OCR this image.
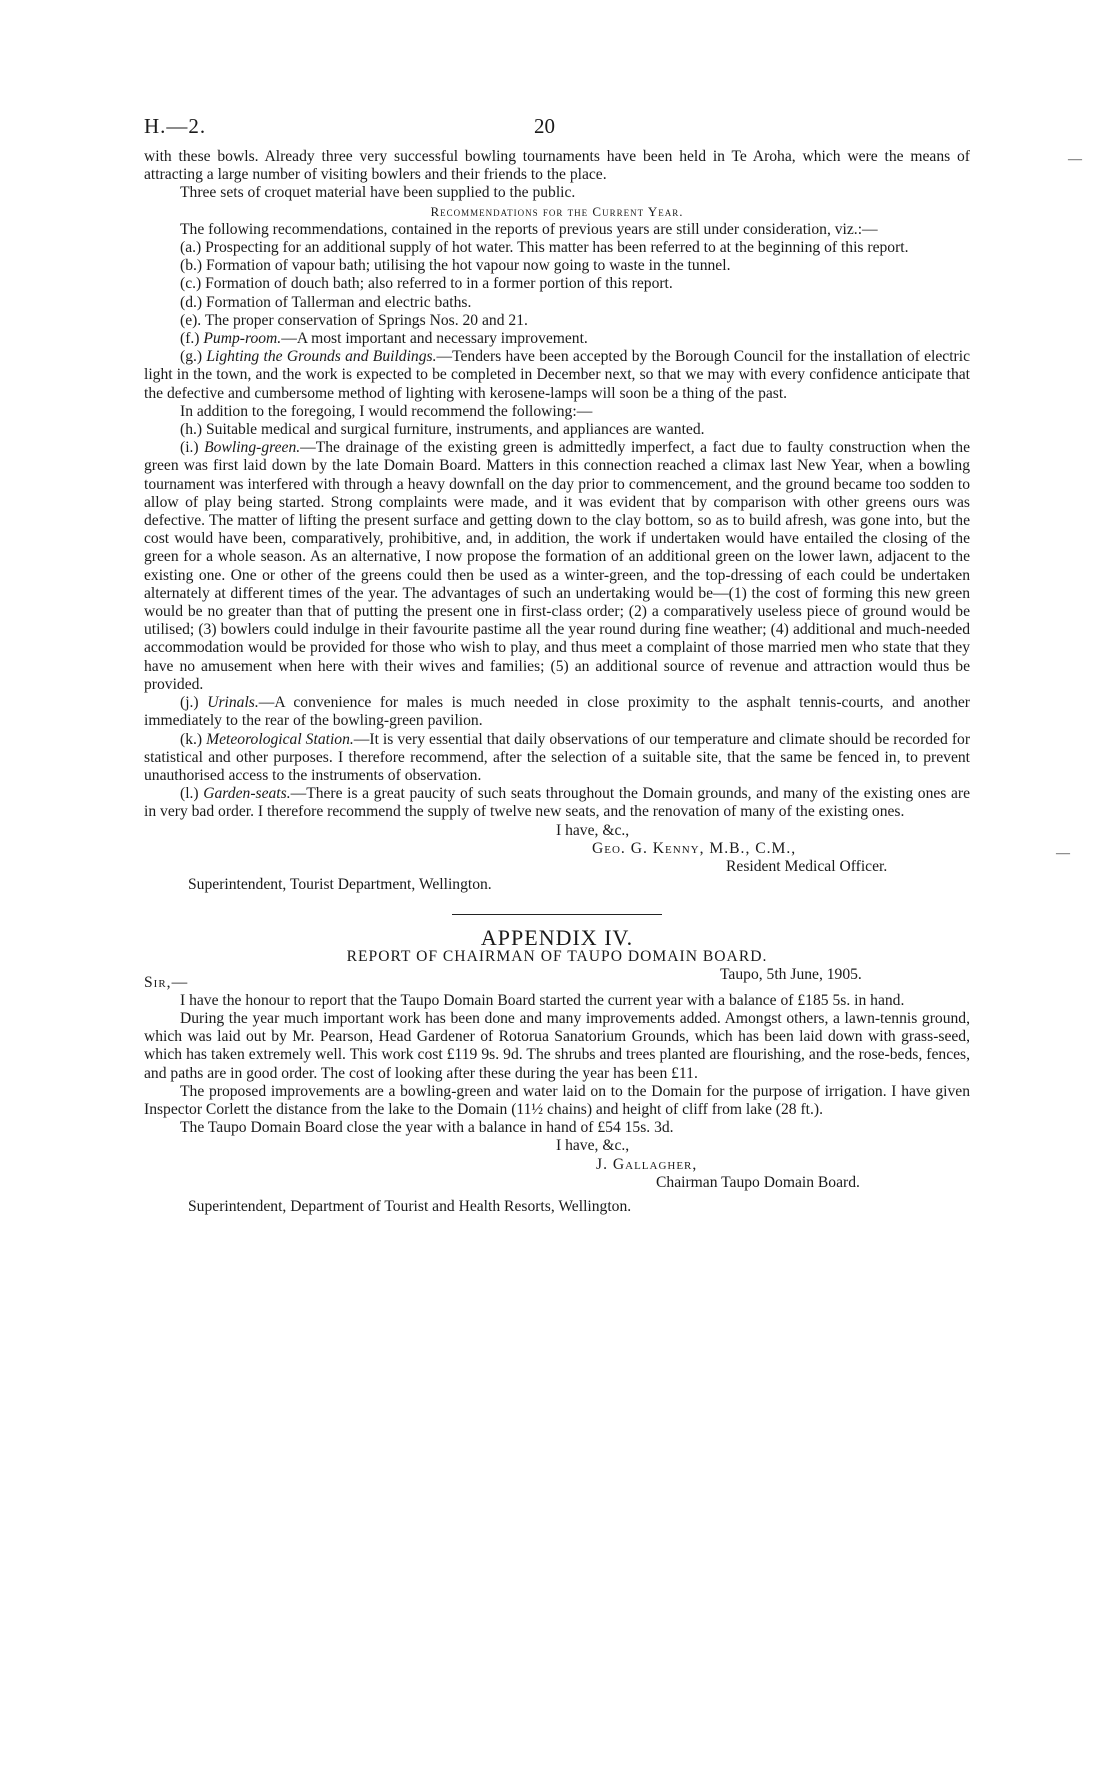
H.—2.	20

with these bowls. Already three very successful bowling tournaments have been held in Te Aroha, which were the means of attracting a large number of visiting bowlers and their friends to the place.

Three sets of croquet material have been supplied to the public.

Recommendations for the Current Year.

The following recommendations, contained in the reports of previous years are still under consideration, viz.:—

(a.) Prospecting for an additional supply of hot water. This matter has been referred to at the beginning of this report.

(b.) Formation of vapour bath; utilising the hot vapour now going to waste in the tunnel.

(c.) Formation of douch bath; also referred to in a former portion of this report.

(d.) Formation of Tallerman and electric baths.

(e). The proper conservation of Springs Nos. 20 and 21.

(f.) Pump-room.—A most important and necessary improvement.

(g.) Lighting the Grounds and Buildings.—Tenders have been accepted by the Borough Council for the installation of electric light in the town, and the work is expected to be completed in December next, so that we may with every confidence anticipate that the defective and cumbersome method of lighting with kerosene-lamps will soon be a thing of the past.

In addition to the foregoing, I would recommend the following:—

(h.) Suitable medical and surgical furniture, instruments, and appliances are wanted.

(i.) Bowling-green.—The drainage of the existing green is admittedly imperfect, a fact due to faulty construction when the green was first laid down by the late Domain Board. Matters in this connection reached a climax last New Year, when a bowling tournament was interfered with through a heavy downfall on the day prior to commencement, and the ground became too sodden to allow of play being started. Strong complaints were made, and it was evident that by comparison with other greens ours was defective. The matter of lifting the present surface and getting down to the clay bottom, so as to build afresh, was gone into, but the cost would have been, comparatively, prohibitive, and, in addition, the work if undertaken would have entailed the closing of the green for a whole season. As an alternative, I now propose the formation of an additional green on the lower lawn, adjacent to the existing one. One or other of the greens could then be used as a winter-green, and the top-dressing of each could be undertaken alternately at different times of the year. The advantages of such an undertaking would be—(1) the cost of forming this new green would be no greater than that of putting the present one in first-class order; (2) a comparatively useless piece of ground would be utilised; (3) bowlers could indulge in their favourite pastime all the year round during fine weather; (4) additional and much-needed accommodation would be provided for those who wish to play, and thus meet a complaint of those married men who state that they have no amusement when here with their wives and families; (5) an additional source of revenue and attraction would thus be provided.

(j.) Urinals.—A convenience for males is much needed in close proximity to the asphalt tennis-courts, and another immediately to the rear of the bowling-green pavilion.

(k.) Meteorological Station.—It is very essential that daily observations of our temperature and climate should be recorded for statistical and other purposes. I therefore recommend, after the selection of a suitable site, that the same be fenced in, to prevent unauthorised access to the instruments of observation.

(l.) Garden-seats.—There is a great paucity of such seats throughout the Domain grounds, and many of the existing ones are in very bad order. I therefore recommend the supply of twelve new seats, and the renovation of many of the existing ones.

I have, &c.,

Geo. G. Kenny, M.B., C.M.,

Resident Medical Officer.

Superintendent, Tourist Department, Wellington.

APPENDIX IV.

REPORT OF CHAIRMAN OF TAUPO DOMAIN BOARD.

Sir,—	Taupo, 5th June, 1905.

I have the honour to report that the Taupo Domain Board started the current year with a balance of £185 5s. in hand.

During the year much important work has been done and many improvements added. Amongst others, a lawn-tennis ground, which was laid out by Mr. Pearson, Head Gardener of Rotorua Sanatorium Grounds, which has been laid down with grass-seed, which has taken extremely well. This work cost £119 9s. 9d. The shrubs and trees planted are flourishing, and the rose-beds, fences, and paths are in good order. The cost of looking after these during the year has been £11.

The proposed improvements are a bowling-green and water laid on to the Domain for the purpose of irrigation. I have given Inspector Corlett the distance from the lake to the Domain (11½ chains) and height of cliff from lake (28 ft.).

The Taupo Domain Board close the year with a balance in hand of £54 15s. 3d.

I have, &c.,

J. Gallagher,

Chairman Taupo Domain Board.

Superintendent, Department of Tourist and Health Resorts, Wellington.

—
—
